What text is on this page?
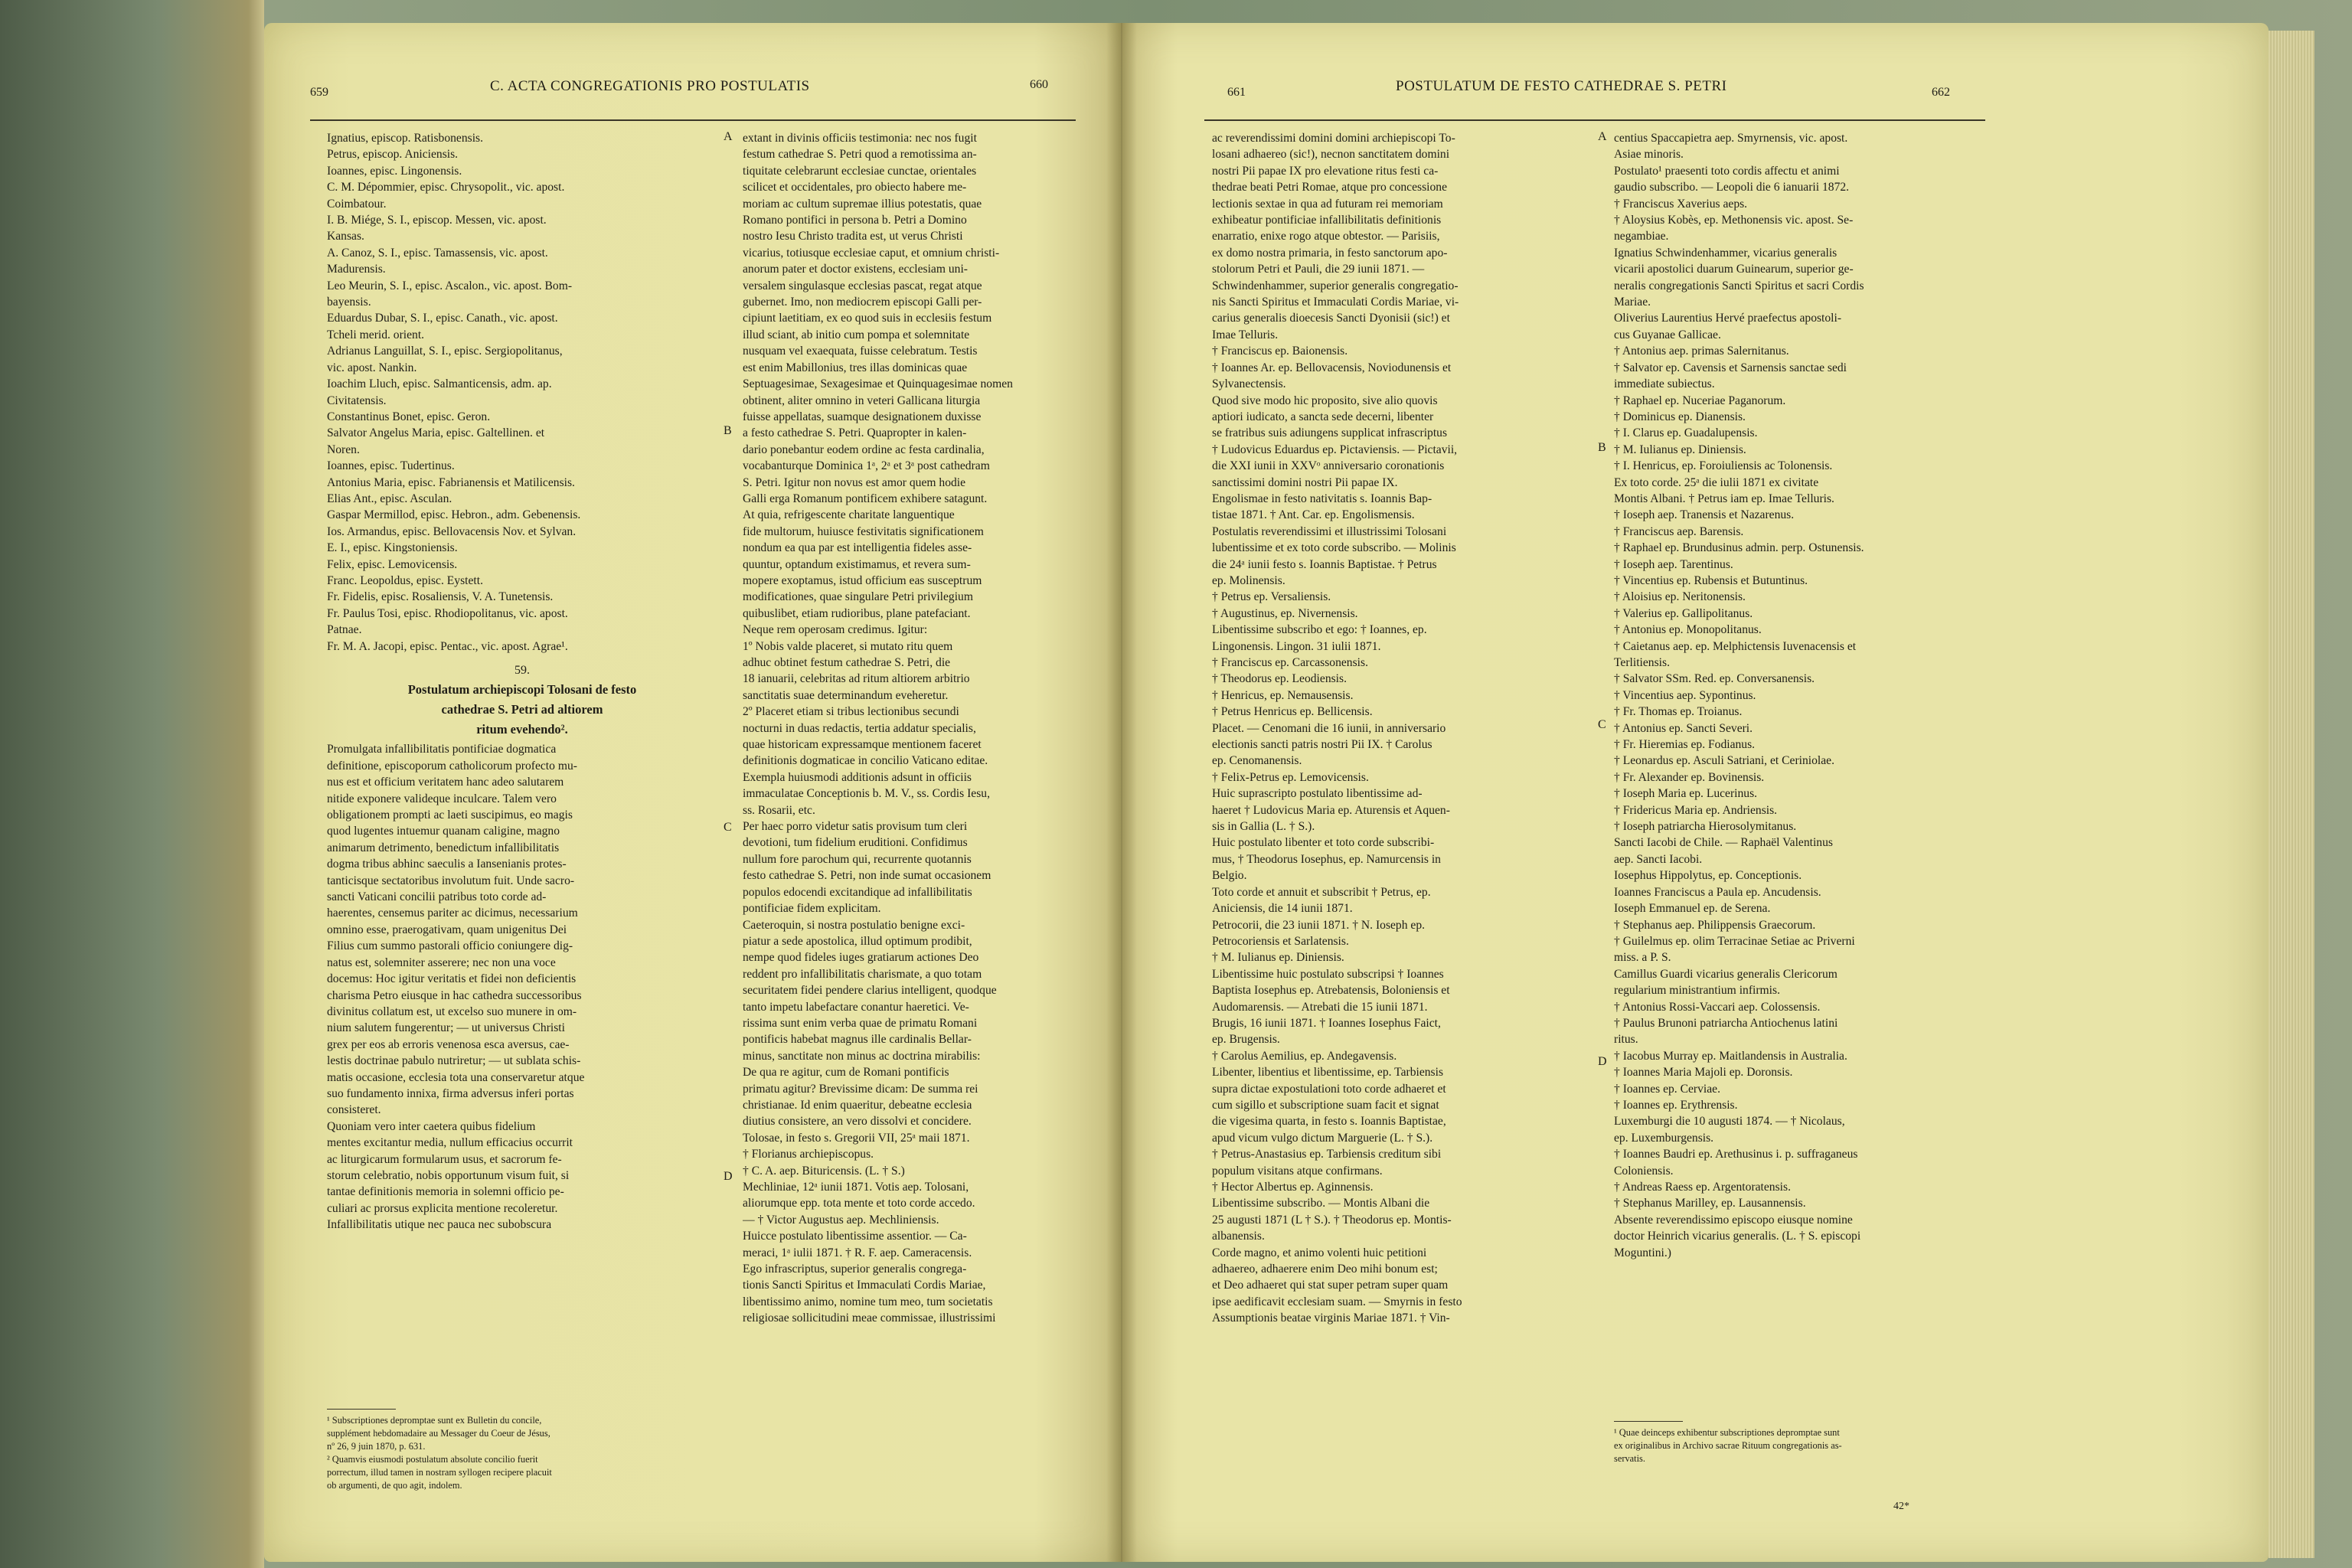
659	C. ACTA CONGREGATIONIS PRO POSTULATIS	660
Ignatius, episcop. Ratisbonensis.
Petrus, episcop. Aniciensis.
Ioannes, episc. Lingonensis.
C. M. Dépommier, episc. Chrysopolit., vic. apost.
Coimbatour.
I. B. Miége, S. I., episcop. Messen, vic. apost.
Kansas.
A. Canoz, S. I., episc. Tamassensis, vic. apost.
Madurensis.
Leo Meurin, S. I., episc. Ascalon., vic. apost. Bom-
bayensis.
Eduardus Dubar, S. I., episc. Canath., vic. apost.
Tcheli merid. orient.
Adrianus Languillat, S. I., episc. Sergiopolitanus,
vic. apost. Nankin.
Ioachim Lluch, episc. Salmanticensis, adm. ap.
Civitatensis.
Constantinus Bonet, episc. Geron.
Salvator Angelus Maria, episc. Galtellinen. et
Noren.
Ioannes, episc. Tudertinus.
Antonius Maria, episc. Fabrianensis et Matilicensis.
Elias Ant., episc. Asculan.
Gaspar Mermillod, episc. Hebron., adm. Gebenensis.
Ios. Armandus, episc. Bellovacensis Nov. et Sylvan.
E. I., episc. Kingstoniensis.
Felix, episc. Lemovicensis.
Franc. Leopoldus, episc. Eystett.
Fr. Fidelis, episc. Rosaliensis, V. A. Tunetensis.
Fr. Paulus Tosi, episc. Rhodiopolitanus, vic. apost.
Patnae.
Fr. M. A. Jacopi, episc. Pentac., vic. apost. Agrae¹.
59.
Postulatum archiepiscopi Tolosani de festo
cathedrae S. Petri ad altiorem
ritum evehendo².
Promulgata infallibilitatis pontificiae dogmatica
definitione, episcoporum catholicorum profecto mu-
nus est et officium veritatem hanc adeo salutarem
nitide exponere valideque inculcare. Talem vero
obligationem prompti ac laeti suscipimus, eo magis
quod lugentes intuemur quanam caligine, magno
animarum detrimento, benedictum infallibilitatis
dogma tribus abhinc saeculis a Iansenianis protes-
tanticisque sectatoribus involutum fuit. Unde sacro-
sancti Vaticani concilii patribus toto corde ad-
haerentes, censemus pariter ac dicimus, necessarium
omnino esse, praerogativam, quam unigenitus Dei
Filius cum summo pastorali officio coniungere dig-
natus est, solemniter asserere; nec non una voce
docemus: Hoc igitur veritatis et fidei non deficientis
charisma Petro eiusque in hac cathedra successoribus
divinitus collatum est, ut excelso suo munere in om-
nium salutem fungerentur; — ut universus Christi
grex per eos ab erroris venenosa esca aversus, cae-
lestis doctrinae pabulo nutriretur; — ut sublata schis-
matis occasione, ecclesia tota una conservaretur atque
suo fundamento innixa, firma adversus inferi portas
consisteret.
Quoniam vero inter caetera quibus fidelium
mentes excitantur media, nullum efficacius occurrit
ac liturgicarum formularum usus, et sacrorum fe-
storum celebratio, nobis opportunum visum fuit, si
tantae definitionis memoria in solemni officio pe-
culiari ac prorsus explicita mentione recoleretur.
Infallibilitatis utique nec pauca nec subobscura
extant in divinis officiis testimonia: nec nos fugit
festum cathedrae S. Petri quod a remotissima an-
tiquitate celebrarunt ecclesiae cunctae, orientales
scilicet et occidentales, pro obiecto habere me-
moriam ac cultum supremae illius potestatis, quae
Romano pontifici in persona b. Petri a Domino
nostro Iesu Christo tradita est, ut verus Christi
vicarius, totiusque ecclesiae caput, et omnium christi-
anorum pater et doctor existens, ecclesiam uni-
versalem singulasque ecclesias pascat, regat atque
gubernet. Imo, non mediocrem episcopi Galli per-
cipiunt laetitiam, ex eo quod suis in ecclesiis festum
illud sciant, ab initio cum pompa et solemnitate
nusquam vel exaequata, fuisse celebratum. Testis
est enim Mabillonius, tres illas dominicas quae
Septuagesimae, Sexagesimae et Quinquagesimae nomen
obtinent, aliter omnino in veteri Gallicana liturgia
fuisse appellatas, suamque designationem duxisse
a festo cathedrae S. Petri. Quapropter in kalen-
dario ponebantur eodem ordine ac festa cardinalia,
vocabanturque Dominica 1ᵃ, 2ᵃ et 3ᵃ post cathedram
S. Petri. Igitur non novus est amor quem hodie
Galli erga Romanum pontificem exhibere satagunt.
At quia, refrigescente charitate languentique
fide multorum, huiusce festivitatis significationem
nondum ea qua par est intelligentia fideles asse-
quuntur, optandum existimamus, et revera sum-
mopere exoptamus, istud officium eas susceptrum
modificationes, quae singulare Petri privilegium
quibuslibet, etiam rudioribus, plane patefaciant.
Neque rem operosam credimus. Igitur:
1º Nobis valde placeret, si mutato ritu quem
adhuc obtinet festum cathedrae S. Petri, die
18 ianuarii, celebritas ad ritum altiorem arbitrio
sanctitatis suae determinandum eveheretur.
2º Placeret etiam si tribus lectionibus secundi
nocturni in duas redactis, tertia addatur specialis,
quae historicam expressamque mentionem faceret
definitionis dogmaticae in concilio Vaticano editae.
Exempla huiusmodi additionis adsunt in officiis
immaculatae Conceptionis b. M. V., ss. Cordis Iesu,
ss. Rosarii, etc.
Per haec porro videtur satis provisum tum cleri
devotioni, tum fidelium eruditioni. Confidimus
nullum fore parochum qui, recurrente quotannis
festo cathedrae S. Petri, non inde sumat occasionem
populos edocendi excitandique ad infallibilitatis
pontificiae fidem explicitam.
Caeteroquin, si nostra postulatio benigne exci-
piatur a sede apostolica, illud optimum prodibit,
nempe quod fideles iuges gratiarum actiones Deo
reddent pro infallibilitatis charismate, a quo totam
securitatem fidei pendere clarius intelligent, quodque
tanto impetu labefactare conantur haeretici. Ve-
rissima sunt enim verba quae de primatu Romani
pontificis habebat magnus ille cardinalis Bellar-
minus, sanctitate non minus ac doctrina mirabilis:
De qua re agitur, cum de Romani pontificis
primatu agitur? Brevissime dicam: De summa rei
christianae. Id enim quaeritur, debeatne ecclesia
diutius consistere, an vero dissolvi et concidere.
Tolosae, in festo s. Gregorii VII, 25ᵃ maii 1871.
† Florianus archiepiscopus.
† C. A. aep. Bituricensis. (L. † S.)
Mechliniae, 12ᵃ iunii 1871. Votis aep. Tolosani,
aliorumque epp. tota mente et toto corde accedo.
— † Victor Augustus aep. Mechliniensis.
Huicce postulato libentissime assentior. — Ca-
meraci, 1ᵃ iulii 1871. † R. F. aep. Cameracensis.
Ego infrascriptus, superior generalis congrega-
tionis Sancti Spiritus et Immaculati Cordis Mariae,
libentissimo animo, nomine tum meo, tum societatis
religiosae sollicitudini meae commissae, illustrissimi
A
B
C
D
¹ Subscriptiones depromptae sunt ex Bulletin du concile,
supplément hebdomadaire au Messager du Coeur de Jésus,
nº 26, 9 juin 1870, p. 631.
² Quamvis eiusmodi postulatum absolute concilio fuerit
porrectum, illud tamen in nostram syllogen recipere placuit
ob argumenti, de quo agit, indolem.
661	POSTULATUM DE FESTO CATHEDRAE S. PETRI	662
ac reverendissimi domini domini archiepiscopi To-
losani adhaereo (sic!), necnon sanctitatem domini
nostri Pii papae IX pro elevatione ritus festi ca-
thedrae beati Petri Romae, atque pro concessione
lectionis sextae in qua ad futuram rei memoriam
exhibeatur pontificiae infallibilitatis definitionis
enarratio, enixe rogo atque obtestor. — Parisiis,
ex domo nostra primaria, in festo sanctorum apo-
stolorum Petri et Pauli, die 29 iunii 1871. —
Schwindenhammer, superior generalis congregatio-
nis Sancti Spiritus et Immaculati Cordis Mariae, vi-
carius generalis dioecesis Sancti Dyonisii (sic!) et
Imae Telluris.
† Franciscus ep. Baionensis.
† Ioannes Ar. ep. Bellovacensis, Noviodunensis et
Sylvanectensis.
Quod sive modo hic proposito, sive alio quovis
aptiori iudicato, a sancta sede decerni, libenter
se fratribus suis adiungens supplicat infrascriptus
† Ludovicus Eduardus ep. Pictaviensis. — Pictavii,
die XXI iunii in XXVᵒ anniversario coronationis
sanctissimi domini nostri Pii papae IX.
Engolismae in festo nativitatis s. Ioannis Bap-
tistae 1871. † Ant. Car. ep. Engolismensis.
Postulatis reverendissimi et illustrissimi Tolosani
lubentissime et ex toto corde subscribo. — Molinis
die 24ᵃ iunii festo s. Ioannis Baptistae. † Petrus
ep. Molinensis.
† Petrus ep. Versaliensis.
† Augustinus, ep. Nivernensis.
Libentissime subscribo et ego: † Ioannes, ep.
Lingonensis. Lingon. 31 iulii 1871.
† Franciscus ep. Carcassonensis.
† Theodorus ep. Leodiensis.
† Henricus, ep. Nemausensis.
† Petrus Henricus ep. Bellicensis.
Placet. — Cenomani die 16 iunii, in anniversario
electionis sancti patris nostri Pii IX. † Carolus
ep. Cenomanensis.
† Felix-Petrus ep. Lemovicensis.
Huic suprascripto postulato libentissime ad-
haeret † Ludovicus Maria ep. Aturensis et Aquen-
sis in Gallia (L. † S.).
Huic postulato libenter et toto corde subscribi-
mus, † Theodorus Iosephus, ep. Namurcensis in
Belgio.
Toto corde et annuit et subscribit † Petrus, ep.
Aniciensis, die 14 iunii 1871.
Petrocorii, die 23 iunii 1871. † N. Ioseph ep.
Petrocoriensis et Sarlatensis.
† M. Iulianus ep. Diniensis.
Libentissime huic postulato subscripsi † Ioannes
Baptista Iosephus ep. Atrebatensis, Boloniensis et
Audomarensis. — Atrebati die 15 iunii 1871.
Brugis, 16 iunii 1871. † Ioannes Iosephus Faict,
ep. Brugensis.
† Carolus Aemilius, ep. Andegavensis.
Libenter, libentius et libentissime, ep. Tarbiensis
supra dictae expostulationi toto corde adhaeret et
cum sigillo et subscriptione suam facit et signat
die vigesima quarta, in festo s. Ioannis Baptistae,
apud vicum vulgo dictum Marguerie (L. † S.).
† Petrus-Anastasius ep. Tarbiensis creditum sibi
populum visitans atque confirmans.
† Hector Albertus ep. Aginnensis.
Libentissime subscribo. — Montis Albani die
25 augusti 1871 (L † S.). † Theodorus ep. Montis-
albanensis.
Corde magno, et animo volenti huic petitioni
adhaereo, adhaerere enim Deo mihi bonum est;
et Deo adhaeret qui stat super petram super quam
ipse aedificavit ecclesiam suam. — Smyrnis in festo
Assumptionis beatae virginis Mariae 1871. † Vin-
centius Spaccapietra aep. Smyrnensis, vic. apost.
Asiae minoris.
Postulato¹ praesenti toto cordis affectu et animi
gaudio subscribo. — Leopoli die 6 ianuarii 1872.
† Franciscus Xaverius aeps.
† Aloysius Kobès, ep. Methonensis vic. apost. Se-
negambiae.
Ignatius Schwindenhammer, vicarius generalis
vicarii apostolici duarum Guinearum, superior ge-
neralis congregationis Sancti Spiritus et sacri Cordis
Mariae.
Oliverius Laurentius Hervé praefectus apostoli-
cus Guyanae Gallicae.
† Antonius aep. primas Salernitanus.
† Salvator ep. Cavensis et Sarnensis sanctae sedi
immediate subiectus.
† Raphael ep. Nuceriae Paganorum.
† Dominicus ep. Dianensis.
† I. Clarus ep. Guadalupensis.
† M. Iulianus ep. Diniensis.
† I. Henricus, ep. Foroiuliensis ac Tolonensis.
Ex toto corde. 25ᵃ die iulii 1871 ex civitate
Montis Albani. † Petrus iam ep. Imae Telluris.
† Ioseph aep. Tranensis et Nazarenus.
† Franciscus aep. Barensis.
† Raphael ep. Brundusinus admin. perp. Ostunensis.
† Ioseph aep. Tarentinus.
† Vincentius ep. Rubensis et Butuntinus.
† Aloisius ep. Neritonensis.
† Valerius ep. Gallipolitanus.
† Antonius ep. Monopolitanus.
† Caietanus aep. ep. Melphictensis Iuvenacensis et
Terlitiensis.
† Salvator SSm. Red. ep. Conversanensis.
† Vincentius aep. Sypontinus.
† Fr. Thomas ep. Troianus.
† Antonius ep. Sancti Severi.
† Fr. Hieremias ep. Fodianus.
† Leonardus ep. Asculi Satriani, et Ceriniolae.
† Fr. Alexander ep. Bovinensis.
† Ioseph Maria ep. Lucerinus.
† Fridericus Maria ep. Andriensis.
† Ioseph patriarcha Hierosolymitanus.
Sancti Iacobi de Chile. — Raphaël Valentinus
aep. Sancti Iacobi.
Iosephus Hippolytus, ep. Conceptionis.
Ioannes Franciscus a Paula ep. Ancudensis.
Ioseph Emmanuel ep. de Serena.
† Stephanus aep. Philippensis Graecorum.
† Guilelmus ep. olim Terracinae Setiae ac Priverni
miss. a P. S.
Camillus Guardi vicarius generalis Clericorum
regularium ministrantium infirmis.
† Antonius Rossi-Vaccari aep. Colossensis.
† Paulus Brunoni patriarcha Antiochenus latini
ritus.
† Iacobus Murray ep. Maitlandensis in Australia.
† Ioannes Maria Majoli ep. Doronsis.
† Ioannes ep. Cerviae.
† Ioannes ep. Erythrensis.
Luxemburgi die 10 augusti 1874. — † Nicolaus,
ep. Luxemburgensis.
† Ioannes Baudri ep. Arethusinus i. p. suffraganeus
Coloniensis.
† Andreas Raess ep. Argentoratensis.
† Stephanus Marilley, ep. Lausannensis.
Absente reverendissimo episcopo eiusque nomine
doctor Heinrich vicarius generalis. (L. † S. episcopi
Moguntini.)
A
B
C
D
¹ Quae deinceps exhibentur subscriptiones depromptae sunt
ex originalibus in Archivo sacrae Rituum congregationis as-
servatis.
42*
